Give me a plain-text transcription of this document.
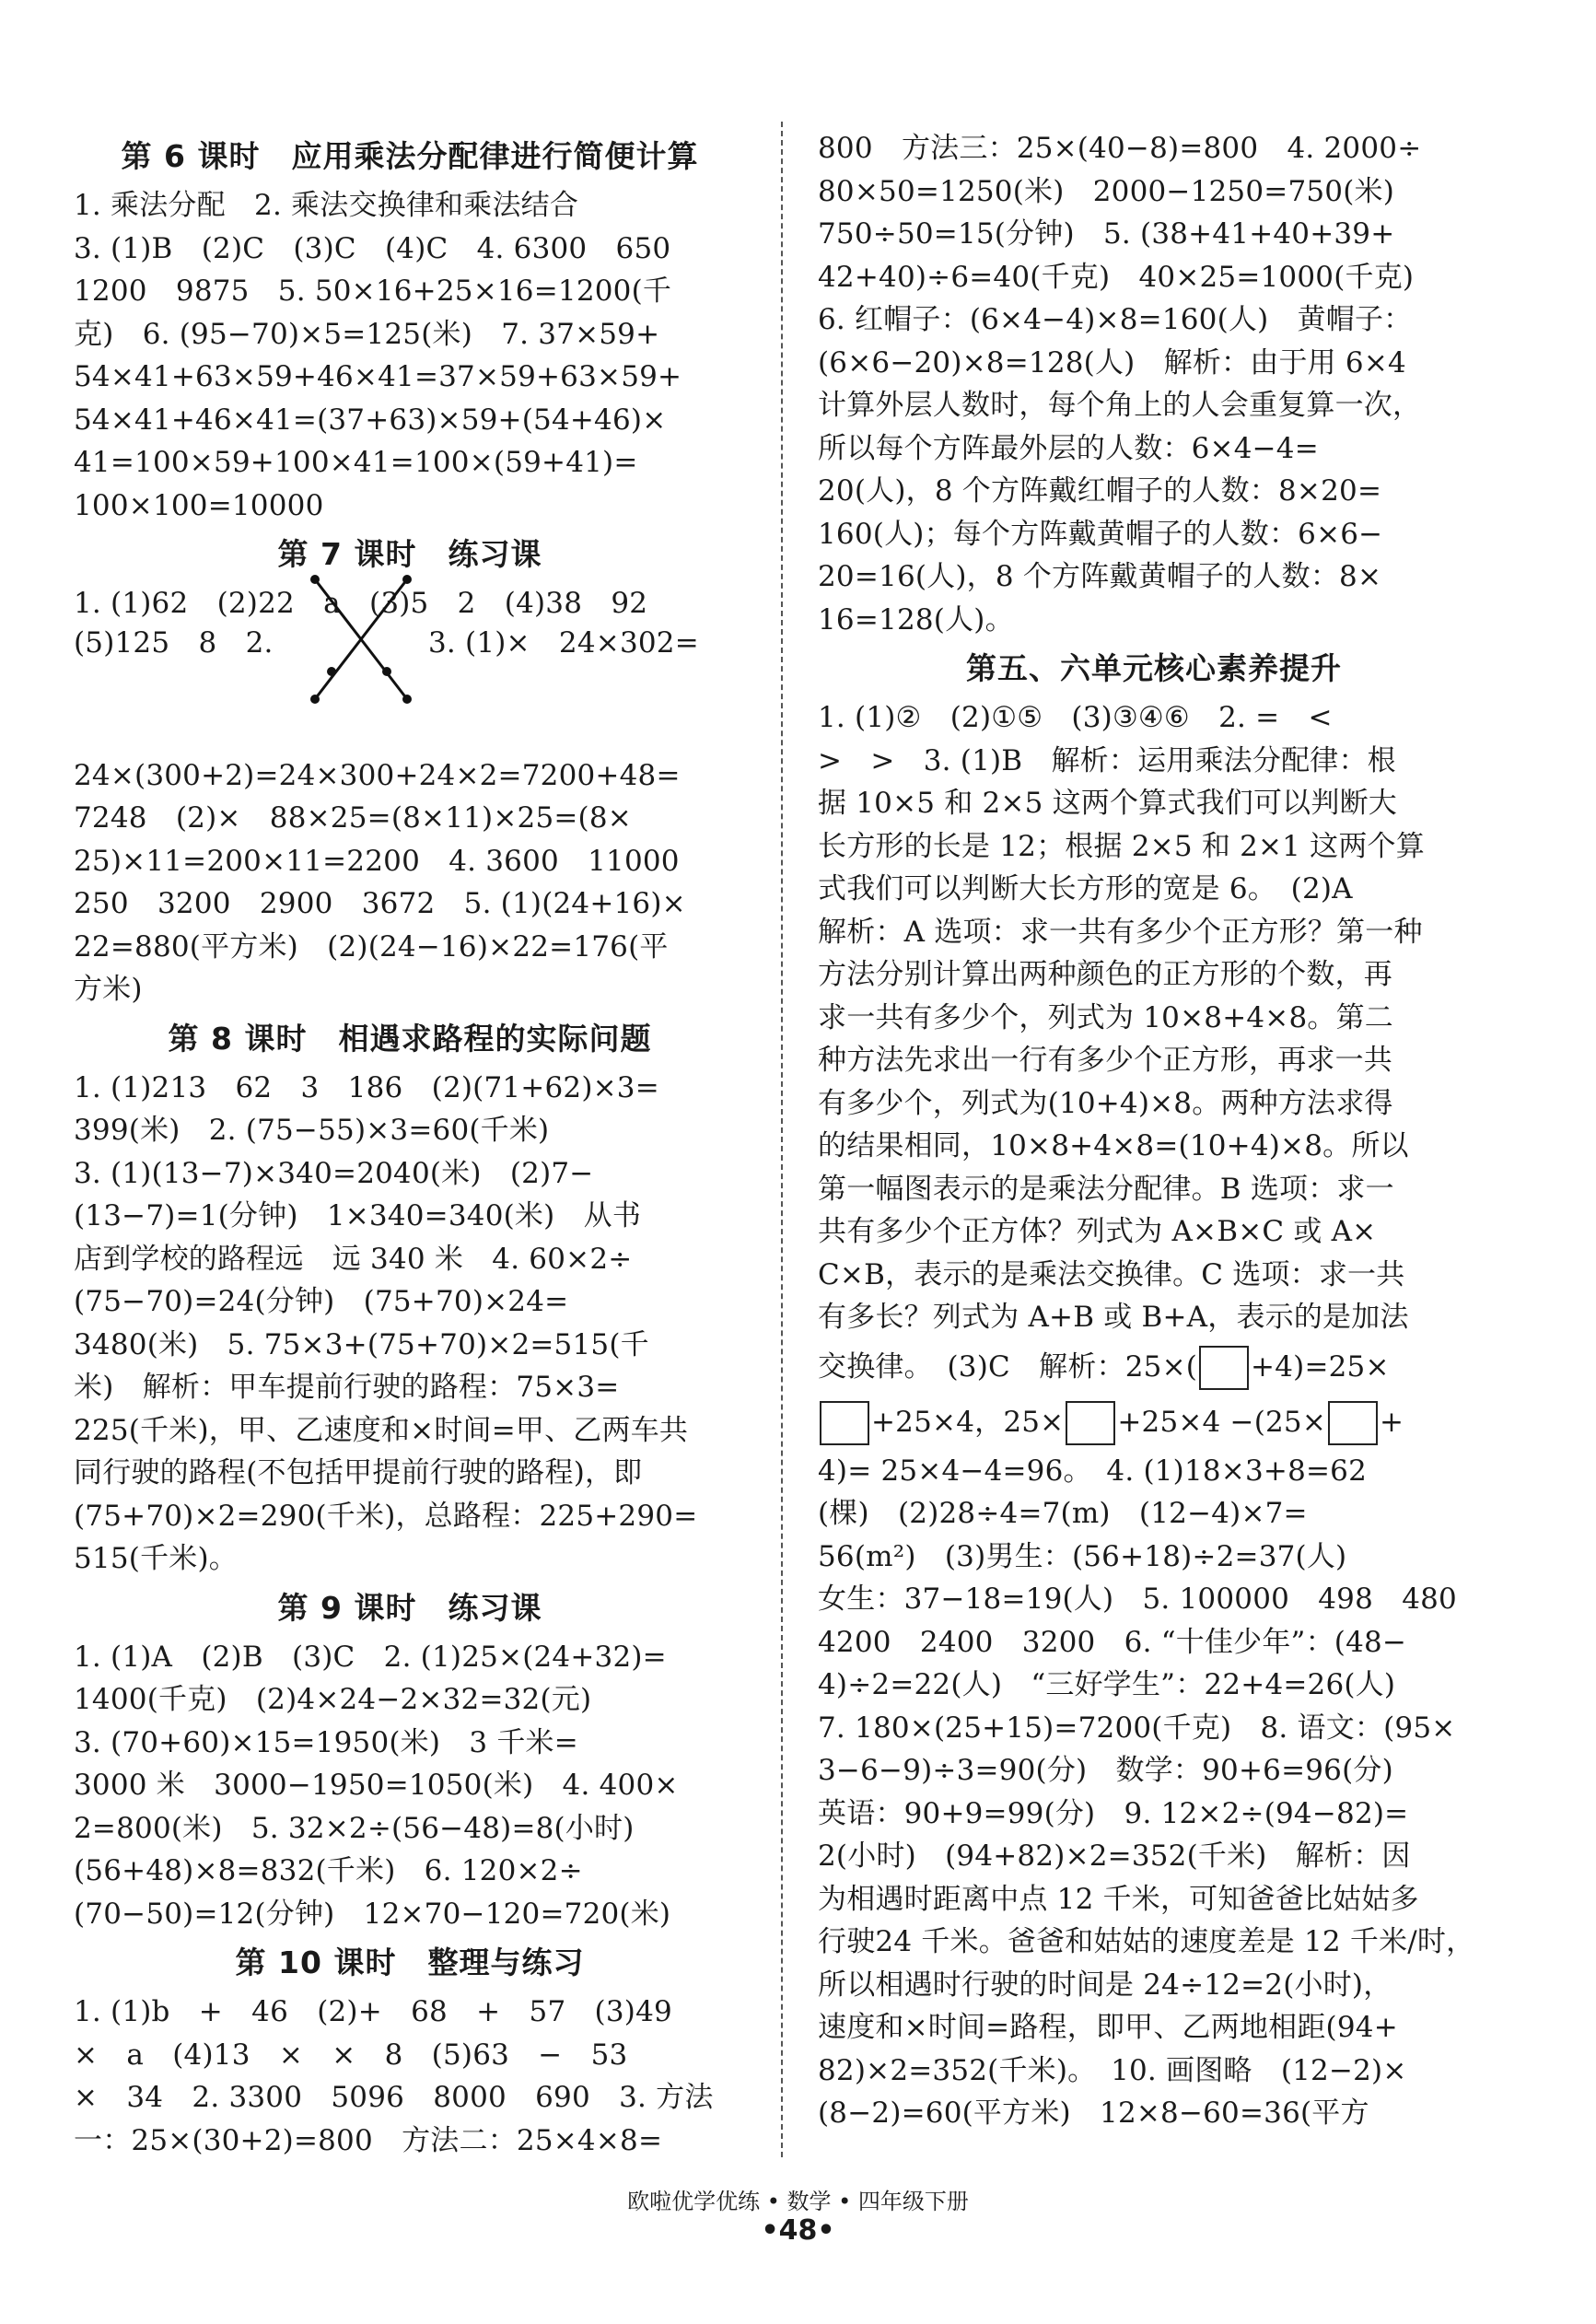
第 6 课时　应用乘法分配律进行简便计算
1. 乘法分配　2. 乘法交换律和乘法结合
3. (1)B　(2)C　(3)C　(4)C　4. 6300　650
1200　9875　5. 50×16+25×16=1200(千
克)　6. (95−70)×5=125(米)　7. 37×59+
54×41+63×59+46×41=37×59+63×59+
54×41+46×41=(37+63)×59+(54+46)×
41=100×59+100×41=100×(59+41)=
100×100=10000
第 7 课时　练习课
1. (1)62　(2)22　a　(3)5　2　(4)38　92
(5)125　8　2.	3. (1)×　24×302=
24×(300+2)=24×300+24×2=7200+48=
7248　(2)×　88×25=(8×11)×25=(8×
25)×11=200×11=2200　4. 3600　11000
250　3200　2900　3672　5. (1)(24+16)×
22=880(平方米)　(2)(24−16)×22=176(平
方米)
第 8 课时　相遇求路程的实际问题
1. (1)213　62　3　186　(2)(71+62)×3=
399(米)　2. (75−55)×3=60(千米)
3. (1)(13−7)×340=2040(米)　(2)7−
(13−7)=1(分钟)　1×340=340(米)　从书
店到学校的路程远　远 340 米　4. 60×2÷
(75−70)=24(分钟)　(75+70)×24=
3480(米)　5. 75×3+(75+70)×2=515(千
米)　解析：甲车提前行驶的路程：75×3=
225(千米)，甲、乙速度和×时间=甲、乙两车共
同行驶的路程(不包括甲提前行驶的路程)，即
(75+70)×2=290(千米)，总路程：225+290=
515(千米)。
第 9 课时　练习课
1. (1)A　(2)B　(3)C　2. (1)25×(24+32)=
1400(千克)　(2)4×24−2×32=32(元)
3. (70+60)×15=1950(米)　3 千米=
3000 米　3000−1950=1050(米)　4. 400×
2=800(米)　5. 32×2÷(56−48)=8(小时)
(56+48)×8=832(千米)　6. 120×2÷
(70−50)=12(分钟)　12×70−120=720(米)
第 10 课时　整理与练习
1. (1)b　+　46　(2)+　68　+　57　(3)49
×　a　(4)13　×　×　8　(5)63　−　53
×　34　2. 3300　5096　8000　690　3. 方法
一：25×(30+2)=800　方法二：25×4×8=
800　方法三：25×(40−8)=800　4. 2000÷
80×50=1250(米)　2000−1250=750(米)
750÷50=15(分钟)　5. (38+41+40+39+
42+40)÷6=40(千克)　40×25=1000(千克)
6. 红帽子：(6×4−4)×8=160(人)　黄帽子：
(6×6−20)×8=128(人)　解析：由于用 6×4
计算外层人数时，每个角上的人会重复算一次，
所以每个方阵最外层的人数：6×4−4=
20(人)，8 个方阵戴红帽子的人数：8×20=
160(人)；每个方阵戴黄帽子的人数：6×6−
20=16(人)，8 个方阵戴黄帽子的人数：8×
16=128(人)。
第五、六单元核心素养提升
1. (1)②　(2)①⑤　(3)③④⑥　2. =　<
>　>　3. (1)B　解析：运用乘法分配律：根
据 10×5 和 2×5 这两个算式我们可以判断大
长方形的长是 12；根据 2×5 和 2×1 这两个算
式我们可以判断大长方形的宽是 6。　(2)A
解析：A 选项：求一共有多少个正方形？第一种
方法分别计算出两种颜色的正方形的个数，再
求一共有多少个，列式为 10×8+4×8。第二
种方法先求出一行有多少个正方形，再求一共
有多少个，列式为(10+4)×8。两种方法求得
的结果相同，10×8+4×8=(10+4)×8。所以
第一幅图表示的是乘法分配律。B 选项：求一
共有多少个正方体？列式为 A×B×C 或 A×
C×B，表示的是乘法交换律。C 选项：求一共
有多长？列式为 A+B 或 B+A，表示的是加法
交换律。　(3)C　解析：25×( +4)=25×
+25×4，25× +25×4 −(25× +
4)= 25×4−4=96。　4. (1)18×3+8=62
(棵)　(2)28÷4=7(m)　(12−4)×7=
56(m²)　(3)男生：(56+18)÷2=37(人)
女生：37−18=19(人)　5. 100000　498　480
4200　2400　3200　6. “十佳少年”：(48−
4)÷2=22(人)　“三好学生”：22+4=26(人)
7. 180×(25+15)=7200(千克)　8. 语文：(95×
3−6−9)÷3=90(分)　数学：90+6=96(分)
英语：90+9=99(分)　9. 12×2÷(94−82)=
2(小时)　(94+82)×2=352(千米)　解析：因
为相遇时距离中点 12 千米，可知爸爸比姑姑多
行驶24 千米。爸爸和姑姑的速度差是 12 千米/时，
所以相遇时行驶的时间是 24÷12=2(小时)，
速度和×时间=路程，即甲、乙两地相距(94+
82)×2=352(千米)。　10. 画图略　(12−2)×
(8−2)=60(平方米)　12×8−60=36(平方
欧啦优学优练 • 数学 • 四年级下册
•48•
